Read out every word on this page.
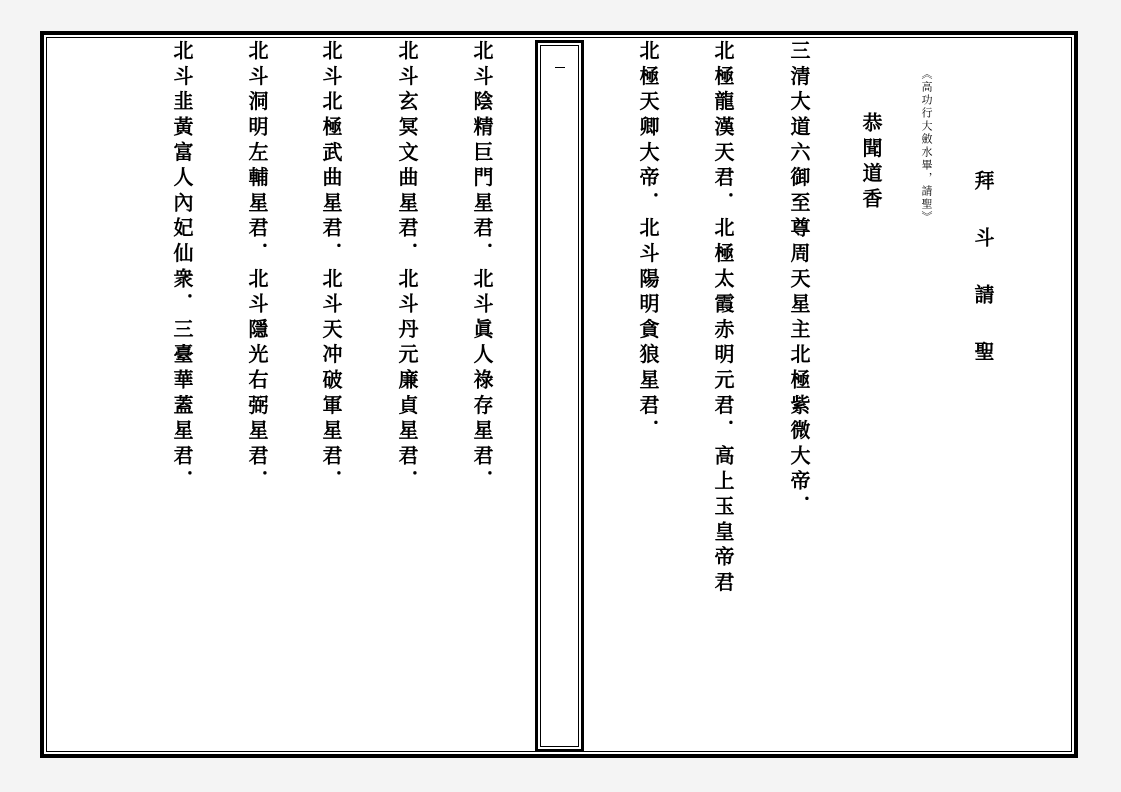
拜斗請聖
《高功行大斂水畢，請聖》
恭聞道香
三清大道六御至尊周天星主北極紫微大帝．
北極龍漢天君．北極太霞赤明元君．高上玉皇帝君
北極天卿大帝．北斗陽明貪狼星君．
北斗陰精巨門星君．北斗眞人祿存星君．
北斗玄冥文曲星君．北斗丹元廉貞星君．
北斗北極武曲星君．北斗天冲破軍星君．
北斗洞明左輔星君．北斗隱光右弼星君．
北斗韭黃富人內妃仙衆．三臺華蓋星君．
